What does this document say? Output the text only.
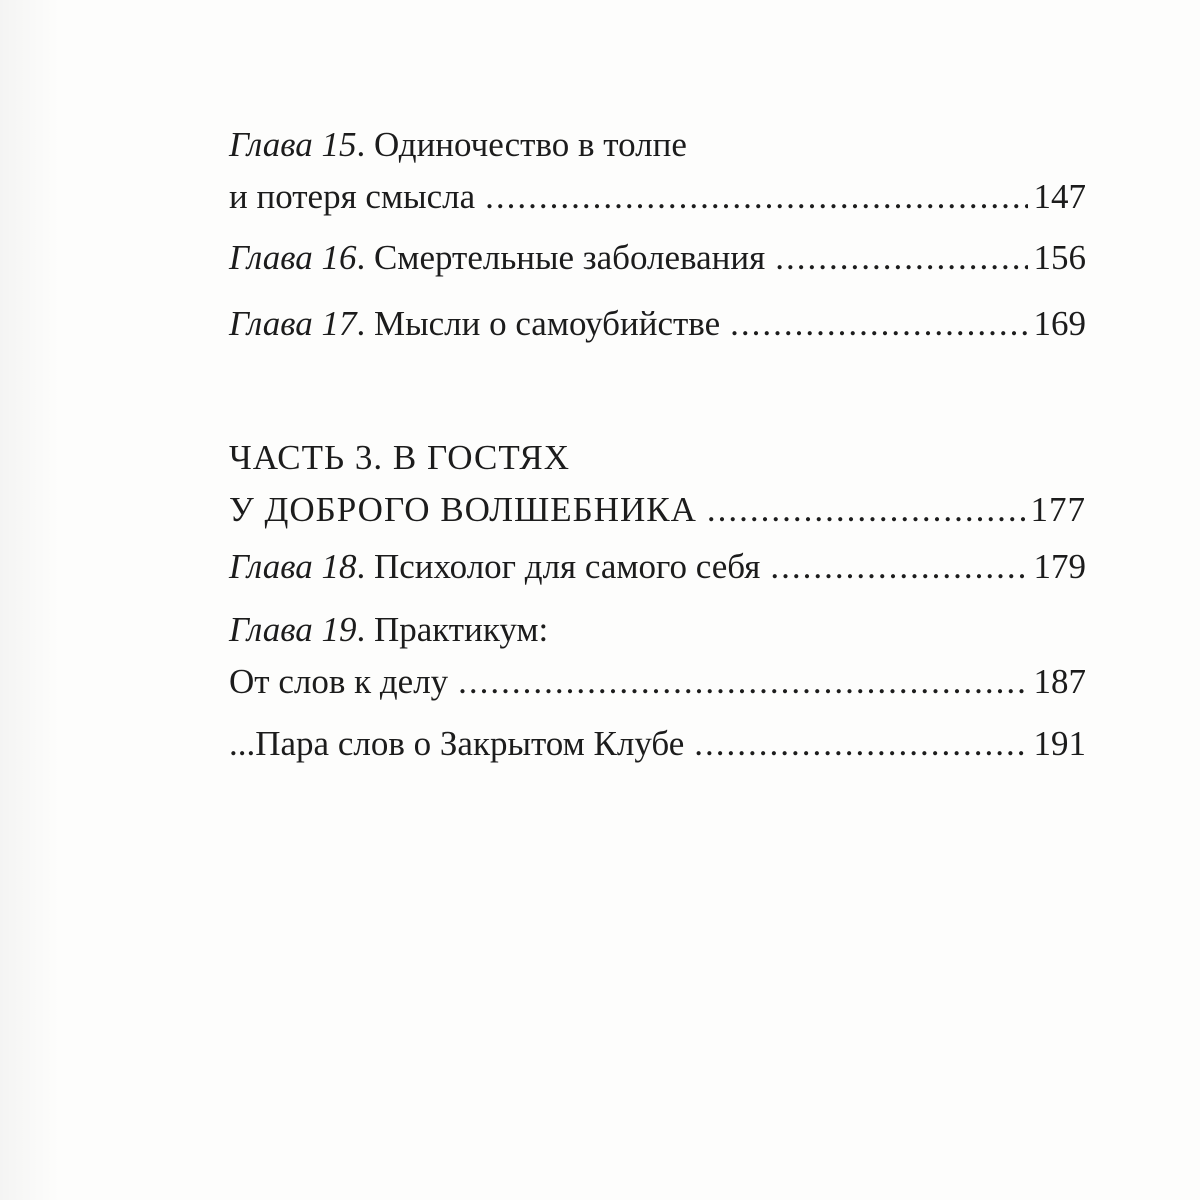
Глава 15 . Одиночество в толпе
и потеря смысла .....	147
Глава 16 . Смертельные заболевания .....	156
Глава 17 . Мысли о самоубийстве .....	169
ЧАСТЬ 3. В ГОСТЯХ
У ДОБРОГО ВОЛШЕБНИКА .....	177
Глава 18 . Психолог для самого себя .....	179
Глава 19 . Практикум:
От слов к делу .....	187
...Пара слов о Закрытом Клубе .....	191
